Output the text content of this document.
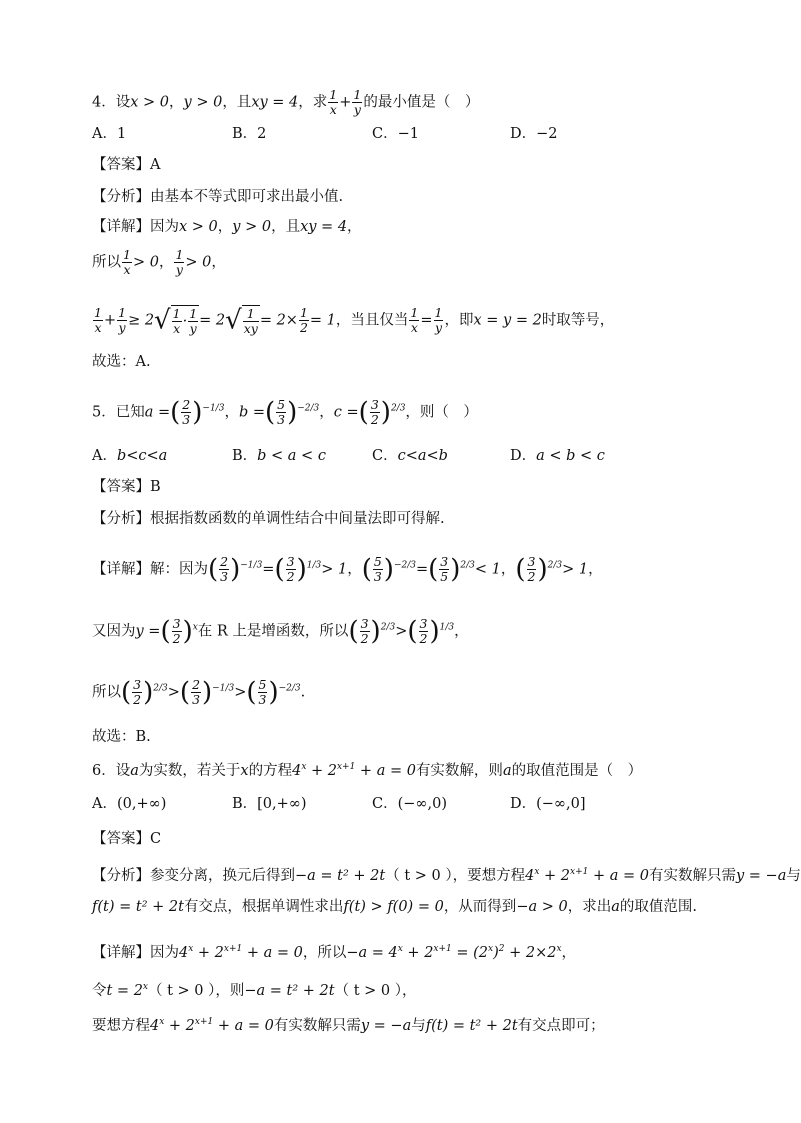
4．设x > 0，y > 0，且xy = 4，求 $\frac{1}{x} + \frac{1}{y}$ 的最小值是（　）
A．1	B．2	C．−1	D．−2
【答案】A
【分析】由基本不等式即可求出最小值.
【详解】因为x > 0，y > 0，且xy = 4，
所以 $\frac{1}{x} > 0$， $\frac{1}{y} > 0$，
$\frac{1}{x} + \frac{1}{y} \ge 2√ \frac{1}{x} \cdot \frac{1}{y} = 2√ \frac{1}{xy} = 2\times \frac{1}{2} = 1$，当且仅当 $\frac{1}{x} = \frac{1}{y}$ ，即x = y = 2时取等号，
故选：A.
5．已知a =( $\frac{2}{3} )^{-1/3}$，b =( $\frac{5}{3} )^{-2/3}$，c =( $\frac{3}{2} )^{2/3}$，则（　）
A．b<c<a	B．b < a < c	C．c<a<b	D．a < b < c
【答案】B
【分析】根据指数函数的单调性结合中间量法即可得解.
【详解】解：因为( $\frac{2}{3} )^{-1/3}=( \frac{3}{2} )^{1/3}> 1$，( $\frac{5}{3} )^{-2/3}=( \frac{3}{5} )^{2/3}< 1$，( $\frac{3}{2} )^{2/3}> 1$，
又因为y =( $\frac{3}{2} )^x$在 R 上是增函数，所以( $\frac{3}{2} )^{2/3}>( \frac{3}{2} )^{1/3}$，
所以( $\frac{3}{2} )^{2/3}>( \frac{2}{3} )^{-1/3}>( \frac{5}{3} )^{-2/3}$.
故选：B.
6．设a为实数，若关于x的方程$4^x + 2^{x+1} + a = 0$有实数解，则a的取值范围是（　）
A．(0,+∞)	B．[0,+∞)	C．(−∞,0)	D．(−∞,0]
【答案】C
【分析】参变分离，换元后得到−a = t² + 2t（ t > 0 ），要想方程$4^x + 2^{x+1} + a = 0$有实数解只需y = −a与
f(t) = t² + 2t有交点，根据单调性求出f(t) > f(0) = 0，从而得到−a > 0，求出a的取值范围.
【详解】因为$4^x + 2^{x+1} + a = 0$，所以$-a = 4^x + 2^{x+1} = (2^x)^2 + 2\times 2^x$，
令$t = 2^x$（ t > 0 ），则−a = t² + 2t（ t > 0 ），
要想方程$4^x + 2^{x+1} + a = 0$有实数解只需y = −a与f(t) = t² + 2t有交点即可；
